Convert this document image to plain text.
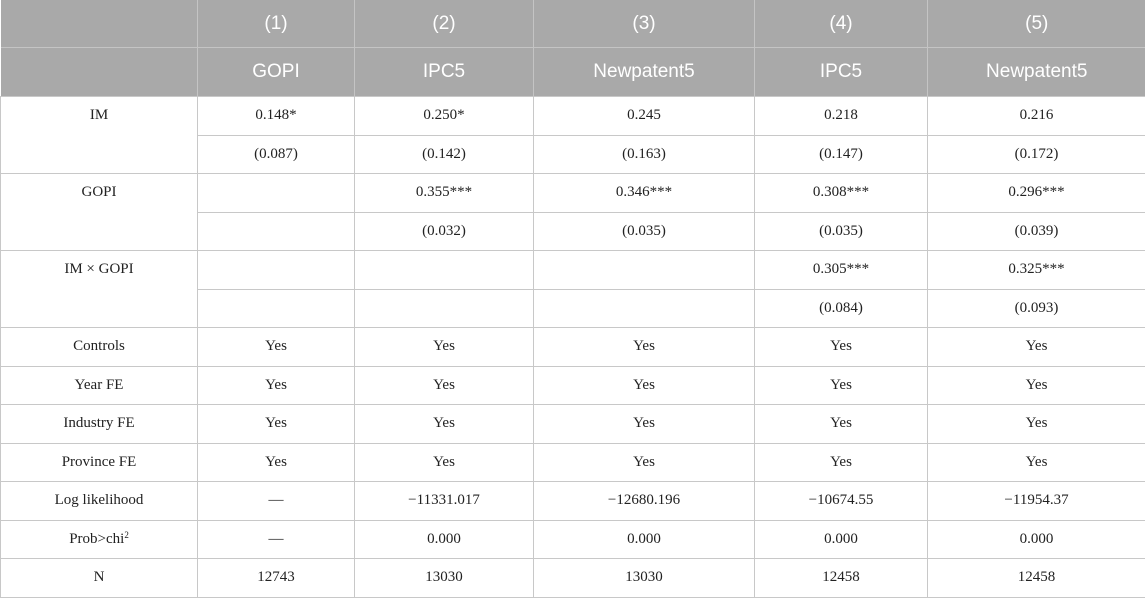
	(1)	(2)	(3)	(4)	(5)
	GOPI	IPC5	Newpatent5	IPC5	Newpatent5
IM	0.148*	0.250*	0.245	0.218	0.216
	(0.087)	(0.142)	(0.163)	(0.147)	(0.172)
GOPI		0.355***	0.346***	0.308***	0.296***
		(0.032)	(0.035)	(0.035)	(0.039)
IM × GOPI				0.305***	0.325***
				(0.084)	(0.093)
Controls	Yes	Yes	Yes	Yes	Yes
Year FE	Yes	Yes	Yes	Yes	Yes
Industry FE	Yes	Yes	Yes	Yes	Yes
Province FE	Yes	Yes	Yes	Yes	Yes
Log likelihood	—	−11331.017	−12680.196	−10674.55	−11954.37
Prob>chi$^2$	—	0.000	0.000	0.000	0.000
N	12743	13030	13030	12458	12458
